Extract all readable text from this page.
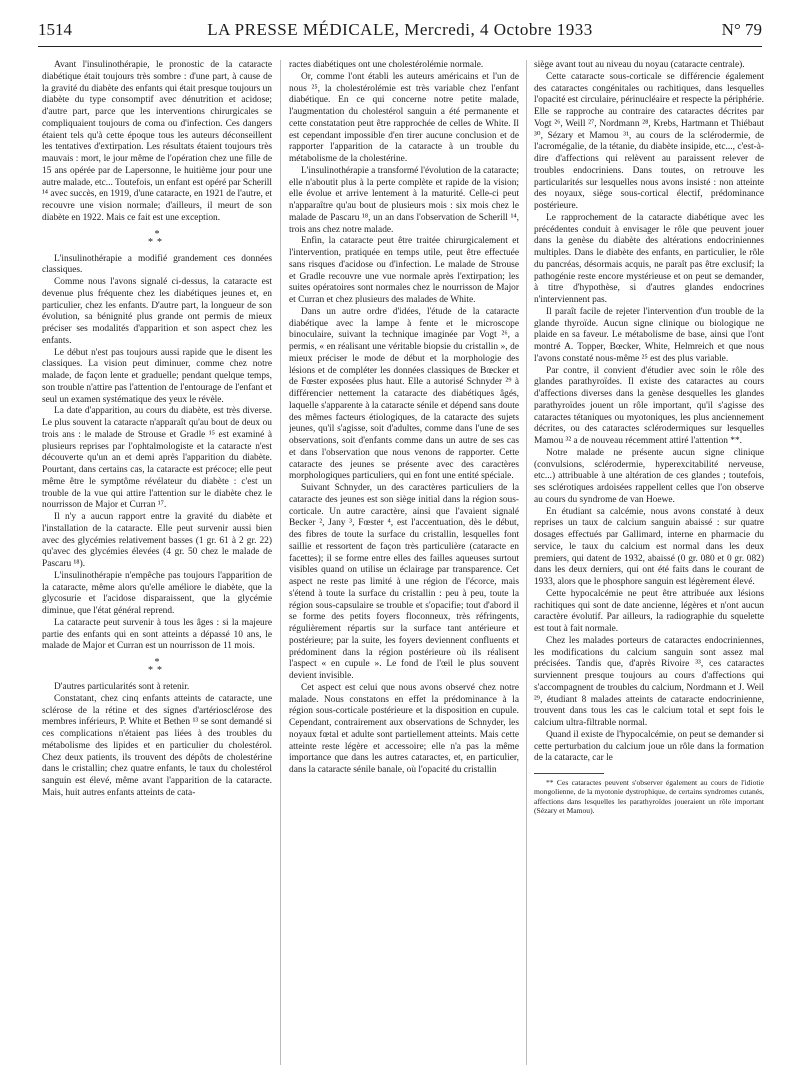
1514	LA PRESSE MÉDICALE, Mercredi, 4 Octobre 1933	N° 79

Avant l'insulinothérapie, le pronostic de la cataracte diabétique était toujours très sombre : d'une part, à cause de la gravité du diabète des enfants qui était presque toujours un diabète du type consomptif avec dénutrition et acidose; d'autre part, parce que les interventions chirurgicales se compliquaient toujours de coma ou d'infection. Ces dangers étaient tels qu'à cette époque tous les auteurs déconseillent les tentatives d'extirpation. Les résultats étaient toujours très mauvais : mort, le jour même de l'opération chez une fille de 15 ans opérée par de Lapersonne, le huitième jour pour une autre malade, etc... Toutefois, un enfant est opéré par Scherill ¹⁴ avec succès, en 1919, d'une cataracte, en 1921 de l'autre, et recouvre une vision normale; d'ailleurs, il meurt de son diabète en 1922. Mais ce fait est une exception.

*
**

L'insulinothérapie a modifié grandement ces données classiques.

Comme nous l'avons signalé ci-dessus, la cataracte est devenue plus fréquente chez les diabétiques jeunes et, en particulier, chez les enfants. D'autre part, la longueur de son évolution, sa bénignité plus grande ont permis de mieux préciser ses modalités d'apparition et son aspect chez les enfants.

Le début n'est pas toujours aussi rapide que le disent les classiques. La vision peut diminuer, comme chez notre malade, de façon lente et graduelle; pendant quelque temps, son trouble n'attire pas l'attention de l'entourage de l'enfant et seul un examen systématique des yeux le révèle.

La date d'apparition, au cours du diabète, est très diverse. Le plus souvent la cataracte n'apparaît qu'au bout de deux ou trois ans : le malade de Strouse et Gradle ¹⁵ est examiné à plusieurs reprises par l'ophtalmologiste et la cataracte n'est découverte qu'un an et demi après l'apparition du diabète. Pourtant, dans certains cas, la cataracte est précoce; elle peut même être le symptôme révélateur du diabète : c'est un trouble de la vue qui attire l'attention sur le diabète chez le nourrisson de Major et Curran ¹⁷.

Il n'y a aucun rapport entre la gravité du diabète et l'installation de la cataracte. Elle peut survenir aussi bien avec des glycémies relativement basses (1 gr. 61 à 2 gr. 22) qu'avec des glycémies élevées (4 gr. 50 chez le malade de Pascaru ¹⁸).

L'insulinothérapie n'empêche pas toujours l'apparition de la cataracte, même alors qu'elle améliore le diabète, que la glycosurie et l'acidose disparaissent, que la glycémie diminue, que l'état général reprend.

La cataracte peut survenir à tous les âges : si la majeure partie des enfants qui en sont atteints a dépassé 10 ans, le malade de Major et Curran est un nourrisson de 11 mois.

*
**

D'autres particularités sont à retenir.

Constatant, chez cinq enfants atteints de cataracte, une sclérose de la rétine et des signes d'artériosclérose des membres inférieurs, P. White et Bethen ¹³ se sont demandé si ces complications n'étaient pas liées à des troubles du métabolisme des lipides et en particulier du cholestérol. Chez deux patients, ils trouvent des dépôts de cholestérine dans le cristallin; chez quatre enfants, le taux du cholestérol sanguin est élevé, même avant l'apparition de la cataracte. Mais, huit autres enfants atteints de cata-

ractes diabétiques ont une cholestérolémie normale.

Or, comme l'ont établi les auteurs américains et l'un de nous ²⁵, la cholestérolémie est très variable chez l'enfant diabétique. En ce qui concerne notre petite malade, l'augmentation du cholestérol sanguin a été permanente et cette constatation peut être rapprochée de celles de White. Il est cependant impossible d'en tirer aucune conclusion et de rapporter l'apparition de la cataracte à un trouble du métabolisme de la cholestérine.

L'insulinothérapie a transformé l'évolution de la cataracte; elle n'aboutit plus à la perte complète et rapide de la vision; elle évolue et arrive lentement à la maturité. Celle-ci peut n'apparaître qu'au bout de plusieurs mois : six mois chez le malade de Pascaru ¹⁸, un an dans l'observation de Scherill ¹⁴, trois ans chez notre malade.

Enfin, la cataracte peut être traitée chirurgicalement et l'intervention, pratiquée en temps utile, peut être effectuée sans risques d'acidose ou d'infection. Le malade de Strouse et Gradle recouvre une vue normale après l'extirpation; les suites opératoires sont normales chez le nourrisson de Major et Curran et chez plusieurs des malades de White.

Dans un autre ordre d'idées, l'étude de la cataracte diabétique avec la lampe à fente et le microscope binoculaire, suivant la technique imaginée par Vogt ²⁶, a permis, « en réalisant une véritable biopsie du cristallin », de mieux préciser le mode de début et la morphologie des lésions et de compléter les données classiques de Bœcker et de Fœster exposées plus haut. Elle a autorisé Schnyder ²⁹ à différencier nettement la cataracte des diabétiques âgés, laquelle s'apparente à la cataracte sénile et dépend sans doute des mêmes facteurs étiologiques, de la cataracte des sujets jeunes, qu'il s'agisse, soit d'adultes, comme dans l'une de ses observations, soit d'enfants comme dans un autre de ses cas et dans l'observation que nous venons de rapporter. Cette cataracte des jeunes se présente avec des caractères morphologiques particuliers, qui en font une entité spéciale.

Suivant Schnyder, un des caractères particuliers de la cataracte des jeunes est son siège initial dans la région sous-corticale. Un autre caractère, ainsi que l'avaient signalé Becker ², Jany ³, Fœster ⁴, est l'accentuation, dès le début, des fibres de toute la surface du cristallin, lesquelles font saillie et ressortent de façon très particulière (cataracte en facettes); il se forme entre elles des failles aqueuses surtout visibles quand on utilise un éclairage par transparence. Cet aspect ne reste pas limité à une région de l'écorce, mais s'étend à toute la surface du cristallin : peu à peu, toute la région sous-capsulaire se trouble et s'opacifie; tout d'abord il se forme des petits foyers floconneux, très réfringents, régulièrement répartis sur la surface tant antérieure et postérieure; par la suite, les foyers deviennent confluents et prédominent dans la région postérieure où ils réalisent l'aspect « en cupule ». Le fond de l'œil le plus souvent devient invisible.

Cet aspect est celui que nous avons observé chez notre malade. Nous constatons en effet la prédominance à la région sous-corticale postérieure et la disposition en cupule. Cependant, contrairement aux observations de Schnyder, les noyaux fœtal et adulte sont partiellement atteints. Mais cette atteinte reste légère et accessoire; elle n'a pas la même importance que dans les autres cataractes, et, en particulier, dans la cataracte sénile banale, où l'opacité du cristallin

siège avant tout au niveau du noyau (cataracte centrale).

Cette cataracte sous-corticale se différencie également des cataractes congénitales ou rachitiques, dans lesquelles l'opacité est circulaire, périnucléaire et respecte la périphérie. Elle se rapproche au contraire des cataractes décrites par Vogt ²⁶, Weill ²⁷, Nordmann ²⁸, Krebs, Hartmann et Thiébaut ³⁰, Sézary et Mamou ³¹, au cours de la sclérodermie, de l'acromégalie, de la tétanie, du diabète insipide, etc..., c'est-à-dire d'affections qui relèvent au paraissent relever de troubles endocriniens. Dans toutes, on retrouve les particularités sur lesquelles nous avons insisté : non atteinte des noyaux, siège sous-cortical électif, prédominance postérieure.

Le rapprochement de la cataracte diabétique avec les précédentes conduit à envisager le rôle que peuvent jouer dans la genèse du diabète des altérations endocriniennes multiples. Dans le diabète des enfants, en particulier, le rôle du pancréas, désormais acquis, ne paraît pas être exclusif; la pathogénie reste encore mystérieuse et on peut se demander, à titre d'hypothèse, si d'autres glandes endocrines n'interviennent pas.

Il paraît facile de rejeter l'intervention d'un trouble de la glande thyroïde. Aucun signe clinique ou biologique ne plaide en sa faveur. Le métabolisme de base, ainsi que l'ont montré A. Topper, Bœcker, White, Helmreich et que nous l'avons constaté nous-même ²⁵ est des plus variable.

Par contre, il convient d'étudier avec soin le rôle des glandes parathyroïdes. Il existe des cataractes au cours d'affections diverses dans la genèse desquelles les glandes parathyroïdes jouent un rôle important, qu'il s'agisse des cataractes tétaniques ou myotoniques, les plus anciennement décrites, ou des cataractes sclérodermiques sur lesquelles Mamou ³² a de nouveau récemment attiré l'attention **.

Notre malade ne présente aucun signe clinique (convulsions, sclérodermie, hyperexcitabilité nerveuse, etc...) attribuable à une altération de ces glandes ; toutefois, ses sclérotiques ardoisées rappellent celles que l'on observe au cours du syndrome de van Hoewe.

En étudiant sa calcémie, nous avons constaté à deux reprises un taux de calcium sanguin abaissé : sur quatre dosages effectués par Gallimard, interne en pharmacie du service, le taux du calcium est normal dans les deux premiers, qui datent de 1932, abaissé (0 gr. 080 et 0 gr. 082) dans les deux derniers, qui ont été faits dans le courant de 1933, alors que le phosphore sanguin est légèrement élevé.

Cette hypocalcémie ne peut être attribuée aux lésions rachitiques qui sont de date ancienne, légères et n'ont aucun caractère évolutif. Par ailleurs, la radiographie du squelette est tout à fait normale.

Chez les malades porteurs de cataractes endocriniennes, les modifications du calcium sanguin sont assez mal précisées. Tandis que, d'après Rivoire ³³, ces cataractes surviennent presque toujours au cours d'affections qui s'accompagnent de troubles du calcium, Nordmann et J. Weil ²⁹, étudiant 8 malades atteints de cataracte endocrinienne, trouvent dans tous les cas le calcium total et sept fois le calcium ultra-filtrable normal.

Quand il existe de l'hypocalcémie, on peut se demander si cette perturbation du calcium joue un rôle dans la formation de la cataracte, car le

** Ces cataractes peuvent s'observer également au cours de l'idiotie mongolienne, de la myotonie dystrophique, de certains syndromes cutanés, affections dans lesquelles les parathyroïdes joueraient un rôle important (Sézary et Mamou).
